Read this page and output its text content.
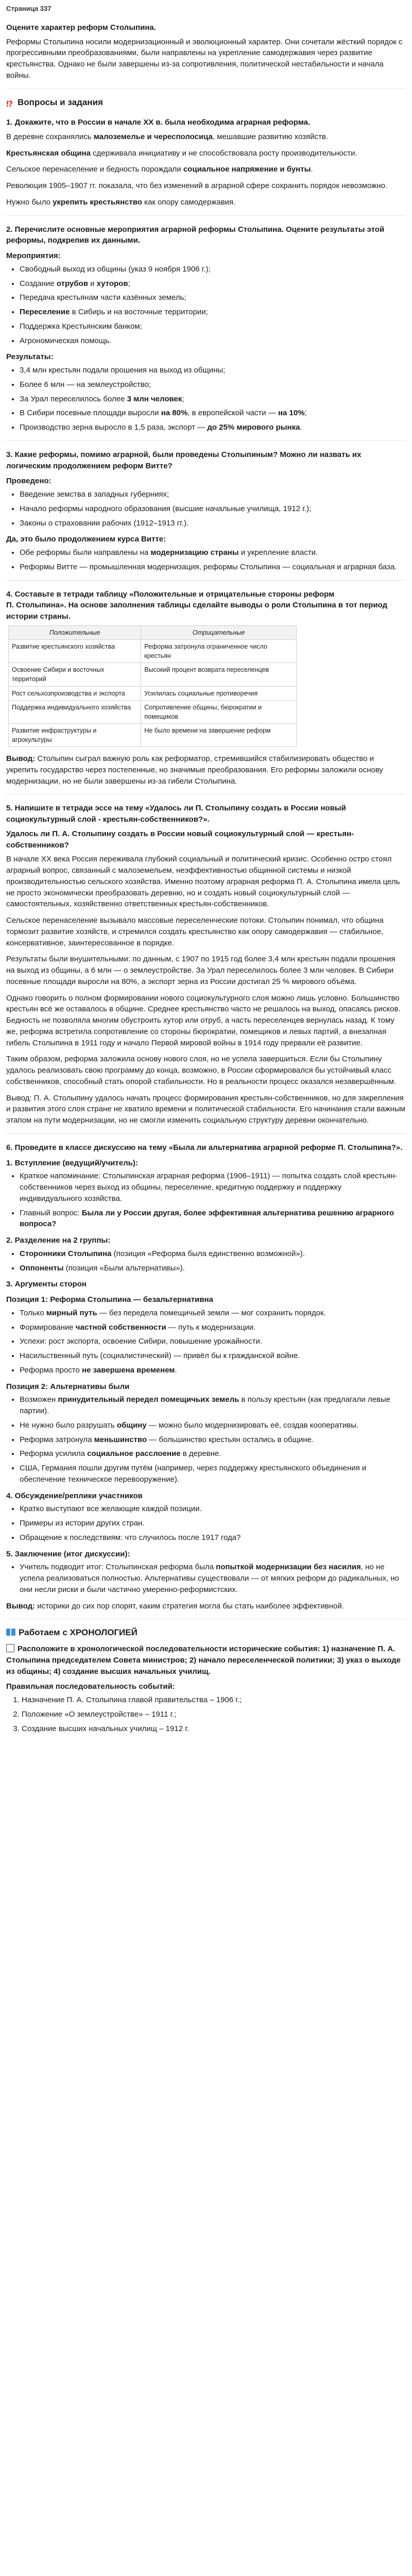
Страница 337
Оцените характер реформ Столыпина.

Реформы Столыпина носили модернизационный и эволюционный характер. Они сочетали жёсткий порядок с прогрессивными преобразованиями, были направлены на укрепление самодержавия через развитие крестьянства. Однако не были завершены из-за сопротивления, политической нестабильности и начала войны.

⁉ Вопросы и задания
1. Докажите, что в России в начале XX в. была необходима аграрная реформа.

В деревне сохранялись малоземелье и чересполосица, мешавшие развитию хозяйств.

Крестьянская община сдерживала инициативу и не способствовала росту производительности.

Сельское перенаселение и бедность порождали социальное напряжение и бунты.

Революция 1905–1907 гг. показала, что без изменений в аграрной сфере сохранить порядок невозможно.

Нужно было укрепить крестьянство как опору самодержавия.

2. Перечислите основные мероприятия аграрной реформы Столыпина. Оцените результаты этой реформы, подкрепив их данными.
Мероприятия:
• Свободный выход из общины (указ 9 ноября 1906 г.);
• Создание отрубов и хуторов;
• Передача крестьянам части казённых земель;
• Переселение в Сибирь и на восточные территории;
• Поддержка Крестьянским банком;
• Агрономическая помощь.
Результаты:
• 3,4 млн крестьян подали прошения на выход из общины;
• Более 6 млн — на землеустройство;
• За Урал переселилось более 3 млн человек;
• В Сибири посевные площади выросли на 80%, в европейской части — на 10%;
• Производство зерна выросло в 1,5 раза, экспорт — до 25% мирового рынка.
3. Какие реформы, помимо аграрной, были проведены Столыпиным? Можно ли назвать их логическим продолжением реформ Витте?
Проведено:
• Введение земства в западных губерниях;
• Начало реформы народного образования (высшие начальные училища, 1912 г.);
• Законы о страховании рабочих (1912–1913 гг.).
Да, это было продолжением курса Витте:
• Обе реформы были направлены на модернизацию страны и укрепление власти.
• Реформы Витте — промышленная модернизация, реформы Столыпина — социальная и аграрная база.
4. Составьте в тетради таблицу «Положительные и отрицательные стороны реформ
П. Столыпина». На основе заполнения таблицы сделайте выводы о роли Столыпина в тот период истории страны.
Положительные	Отрицательные
Развитие крестьянского хозяйства	Реформа затронула ограниченное число крестьян
Освоение Сибири и восточных территорий	Высокий процент возврата переселенцев
Рост сельхозпроизводства и экспорта	Усилилась социальные противоречия
Поддержка индивидуального хозяйства	Сопротивление общины, бюрократии и помещиков
Развитие инфраструктуры и агрокультуры	Не было времени на завершение реформ

Вывод: Столыпин сыграл важную роль как реформатор, стремившийся стабилизировать общество и укрепить государство через постепенные, но значимые преобразования. Его реформы заложили основу модернизации, но не были завершены из-за гибели Столыпина.

5. Напишите в тетради эссе на тему «Удалось ли П. Столыпину создать в России новый социокультурный слой - крестьян-собственников?».
Удалось ли П. А. Столыпину создать в России новый социокультурный слой — крестьян-собственников?

В начале XX века Россия переживала глубокий социальный и политический кризис. Особенно остро стоял аграрный вопрос, связанный с малоземельем, неэффективностью общинной системы и низкой производительностью сельского хозяйства. Именно поэтому аграрная реформа П. А. Столыпина имела цель не просто экономически преобразовать деревню, но и создать новый социокультурный слой — самостоятельных, хозяйственно ответственных крестьян-собственников.

Сельское перенаселение вызывало массовые переселенческие потоки. Столыпин понимал, что община тормозит развитие хозяйств, и стремился создать крестьянство как опору самодержавия — стабильное, консервативное, заинтересованное в порядке.

Результаты были внушительными: по данным, с 1907 по 1915 год более 3,4 млн крестьян подали прошения на выход из общины, а 6 млн — о землеустройстве. За Урал переселилось более 3 млн человек. В Сибири посевные площади выросли на 80%, а экспорт зерна из России достигал 25 % мирового объёма.

Однако говорить о полном формировании нового социокультурного слоя можно лишь условно. Большинство крестьян всё же оставалось в общине. Среднее крестьянство часто не решалось на выход, опасаясь рисков. Бедность не позволяла многим обустроить хутор или отруб, а часть переселенцев вернулась назад. К тому же, реформа встретила сопротивление со стороны бюрократии, помещиков и левых партий, а внезапная гибель Столыпина в 1911 году и начало Первой мировой войны в 1914 году прервали её развитие.

Таким образом, реформа заложила основу нового слоя, но не успела завершиться. Если бы Столыпину удалось реализовать свою программу до конца, возможно, в России сформировался бы устойчивый класс собственников, способный стать опорой стабильности. Но в реальности процесс оказался незавершённым.

Вывод: П. А. Столыпину удалось начать процесс формирования крестьян-собственников, но для закрепления и развития этого слоя стране не хватило времени и политической стабильности. Его начинания стали важным этапом на пути модернизации, но не смогли изменить социальную структуру деревни окончательно.

6. Проведите в классе дискуссию на тему «Была ли альтернатива аграрной реформе П. Столыпина?».
1. Вступление (ведущий/учитель):
• Краткое напоминание: Столыпинская аграрная реформа (1906–1911) — попытка создать слой крестьян-собственников через выход из общины, переселение, кредитную поддержку и поддержку индивидуального хозяйства.
• Главный вопрос: Была ли у России другая, более эффективная альтернатива решению аграрного вопроса?
2. Разделение на 2 группы:
• Сторонники Столыпина (позиция «Реформа была единственно возможной»).
• Оппоненты (позиция «Были альтернативы»).
3. Аргументы сторон
Позиция 1: Реформа Столыпина — безальтернативна
• Только мирный путь — без передела помещичьей земли — мог сохранить порядок.
• Формирование частной собственности — путь к модернизации.
• Успехи: рост экспорта, освоение Сибири, повышение урожайности.
• Насильственный путь (социалистический) — привёл бы к гражданской войне.
• Реформа просто не завершена временем.
Позиция 2: Альтернативы были
• Возможен принудительный передел помещичьих земель в пользу крестьян (как предлагали левые партии).
• Не нужно было разрушать общину — можно было модернизировать её, создав кооперативы.
• Реформа затронула меньшинство — большинство крестьян остались в общине.
• Реформа усилила социальное расслоение в деревне.
• США, Германия пошли другим путём (например, через поддержку крестьянского объединения и обеспечение техническое перевооружение).
4. Обсуждение/реплики участников
• Кратко выступают все желающие каждой позиции.
• Примеры из истории других стран.
• Обращение к последствиям: что случилось после 1917 года?
5. Заключение (итог дискуссии):
• Учитель подводит итог: Столыпинская реформа была попыткой модернизации без насилия, но не успела реализоваться полностью. Альтернативы существовали — от мягких реформ до радикальных, но они несли риски и были частично умеренно-реформистских.

Вывод: историки до сих пор спорят, каким стратегия могла бы стать наиболее эффективной.

Работаем с ХРОНОЛОГИЕЙ
Расположите в хронологической последовательности исторические события: 1) назначение П. А. Столыпина председателем Совета министров; 2) начало переселенческой политики; 3) указ о выходе из общины; 4) создание высших начальных училищ.
Правильная последовательность событий:
1. Назначение П. А. Столыпина главой правительства – 1906 г.;
2. Положение «О землеустройстве» – 1911 г.;
3. Создание высших начальных училищ – 1912 г.
